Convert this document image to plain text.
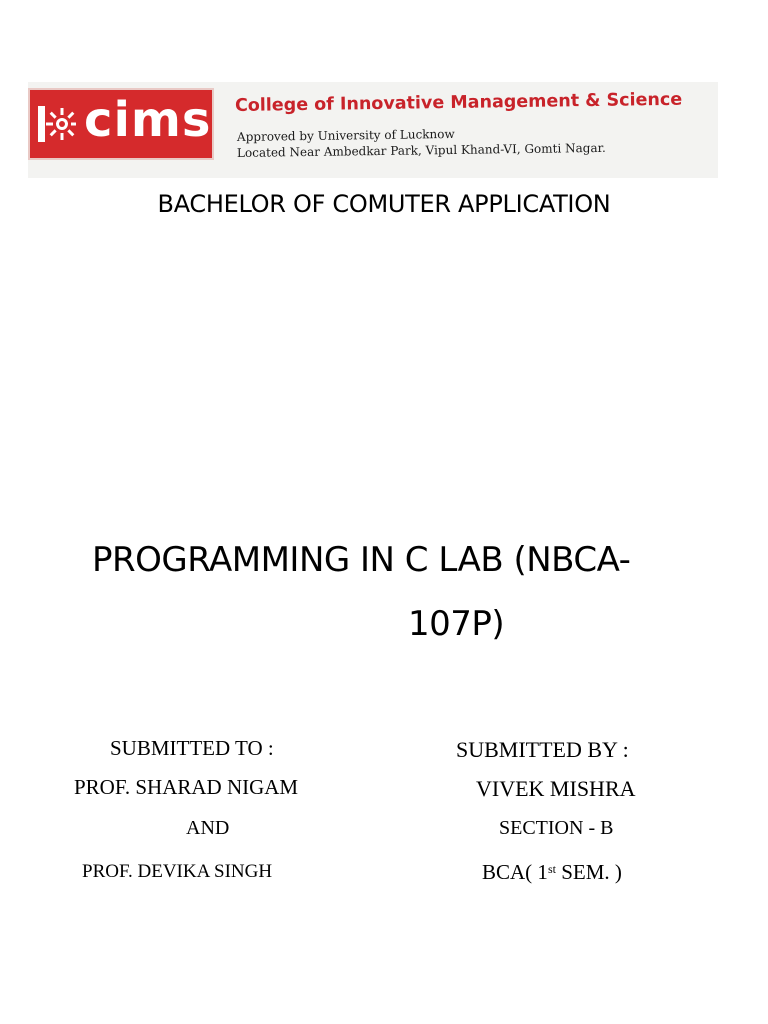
cims College of Innovative Management & Science
Approved by University of Lucknow
Located Near Ambedkar Park, Vipul Khand-VI, Gomti Nagar.
BACHELOR OF COMUTER APPLICATION
PROGRAMMING IN C LAB (NBCA-
107P)
SUBMITTED TO :
PROF. SHARAD NIGAM
AND
PROF. DEVIKA SINGH
SUBMITTED BY :
VIVEK MISHRA
SECTION - B
BCA( 1st SEM. )
